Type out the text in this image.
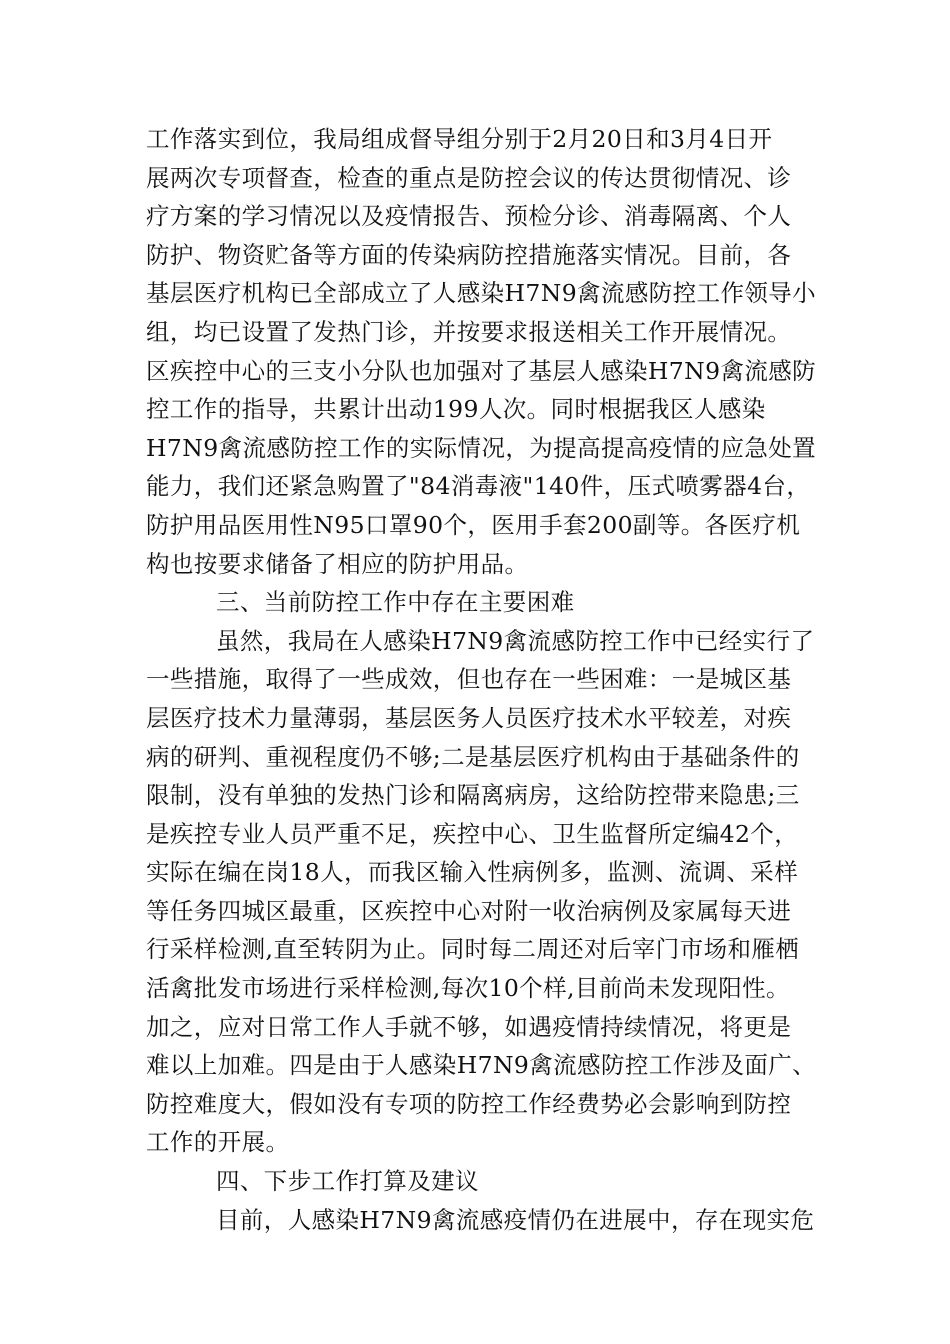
工作落实到位，我局组成督导组分别于2月20日和3月4日开
展两次专项督查，检查的重点是防控会议的传达贯彻情况、诊
疗方案的学习情况以及疫情报告、预检分诊、消毒隔离、个人
防护、物资贮备等方面的传染病防控措施落实情况。目前，各
基层医疗机构已全部成立了人感染H7N9禽流感防控工作领导小
组，均已设置了发热门诊，并按要求报送相关工作开展情况。
区疾控中心的三支小分队也加强对了基层人感染H7N9禽流感防
控工作的指导，共累计出动199人次。同时根据我区人感染
H7N9禽流感防控工作的实际情况，为提高提高疫情的应急处置
能力，我们还紧急购置了"84消毒液"140件，压式喷雾器4台，
防护用品医用性N95口罩90个，医用手套200副等。各医疗机
构也按要求储备了相应的防护用品。
三、当前防控工作中存在主要困难
虽然，我局在人感染H7N9禽流感防控工作中已经实行了
一些措施，取得了一些成效，但也存在一些困难：一是城区基
层医疗技术力量薄弱，基层医务人员医疗技术水平较差，对疾
病的研判、重视程度仍不够;二是基层医疗机构由于基础条件的
限制，没有单独的发热门诊和隔离病房，这给防控带来隐患;三
是疾控专业人员严重不足，疾控中心、卫生监督所定编42个，
实际在编在岗18人，而我区输入性病例多，监测、流调、采样
等任务四城区最重，区疾控中心对附一收治病例及家属每天进
行采样检测,直至转阴为止。同时每二周还对后宰门市场和雁栖
活禽批发市场进行采样检测,每次10个样,目前尚未发现阳性。
加之，应对日常工作人手就不够，如遇疫情持续情况，将更是
难以上加难。四是由于人感染H7N9禽流感防控工作涉及面广、
防控难度大，假如没有专项的防控工作经费势必会影响到防控
工作的开展。
四、下步工作打算及建议
目前，人感染H7N9禽流感疫情仍在进展中，存在现实危
